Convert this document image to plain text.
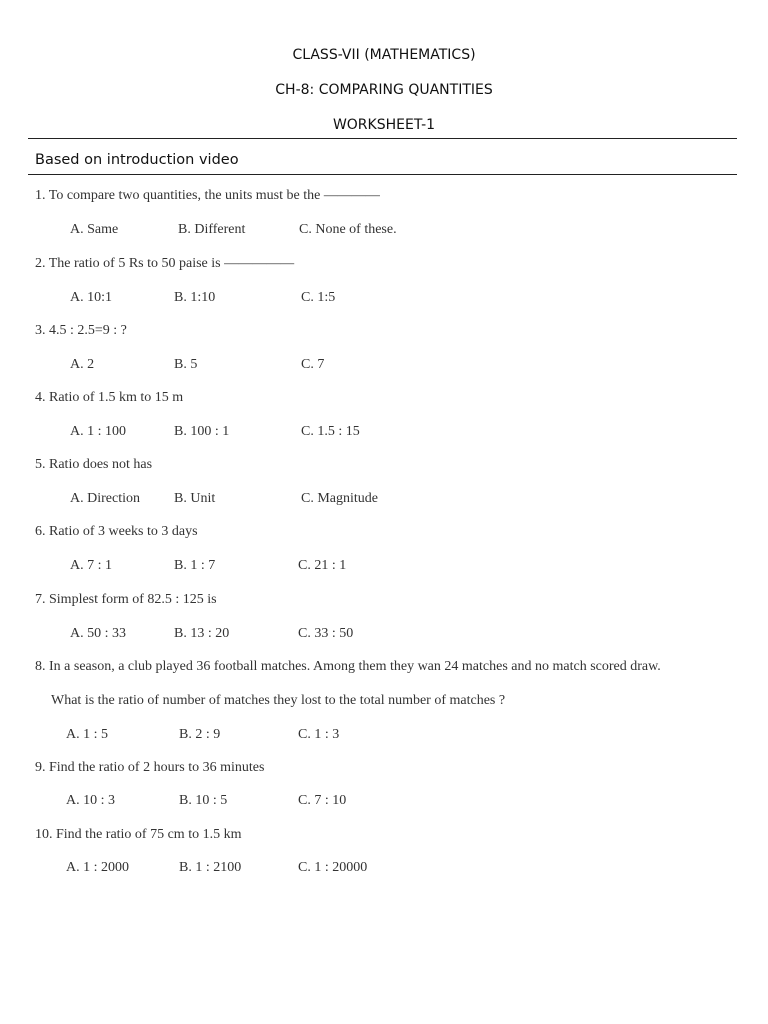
CLASS-VII (MATHEMATICS)
CH-8: COMPARING QUANTITIES
WORKSHEET-1
Based on introduction video
1. To compare two quantities, the units must be the ————
A. Same	B. Different	C. None of these.
2. The ratio of 5 Rs to 50 paise is —————
A. 10:1	B. 1:10	C. 1:5
3. 4.5 : 2.5=9 : ?
A. 2	B. 5	C. 7
4. Ratio of 1.5 km to 15 m
A. 1 : 100	B. 100 : 1	C. 1.5 : 15
5. Ratio does not has
A. Direction B. Unit	C. Magnitude
6. Ratio of 3 weeks to 3 days
A. 7 : 1	B. 1 : 7	C. 21 : 1
7. Simplest form of 82.5 : 125 is
A. 50 : 33	B. 13 : 20	C. 33 : 50
8. In a season, a club played 36 football matches. Among them they wan 24 matches and no match scored draw.
What is the ratio of number of matches they lost to the total number of matches ?
A. 1 : 5	B. 2 : 9	C. 1 : 3
9. Find the ratio of 2 hours to 36 minutes
A. 10 : 3	B. 10 : 5	C. 7 : 10
10. Find the ratio of 75 cm to 1.5 km
A. 1 : 2000	B. 1 : 2100	C. 1 : 20000
